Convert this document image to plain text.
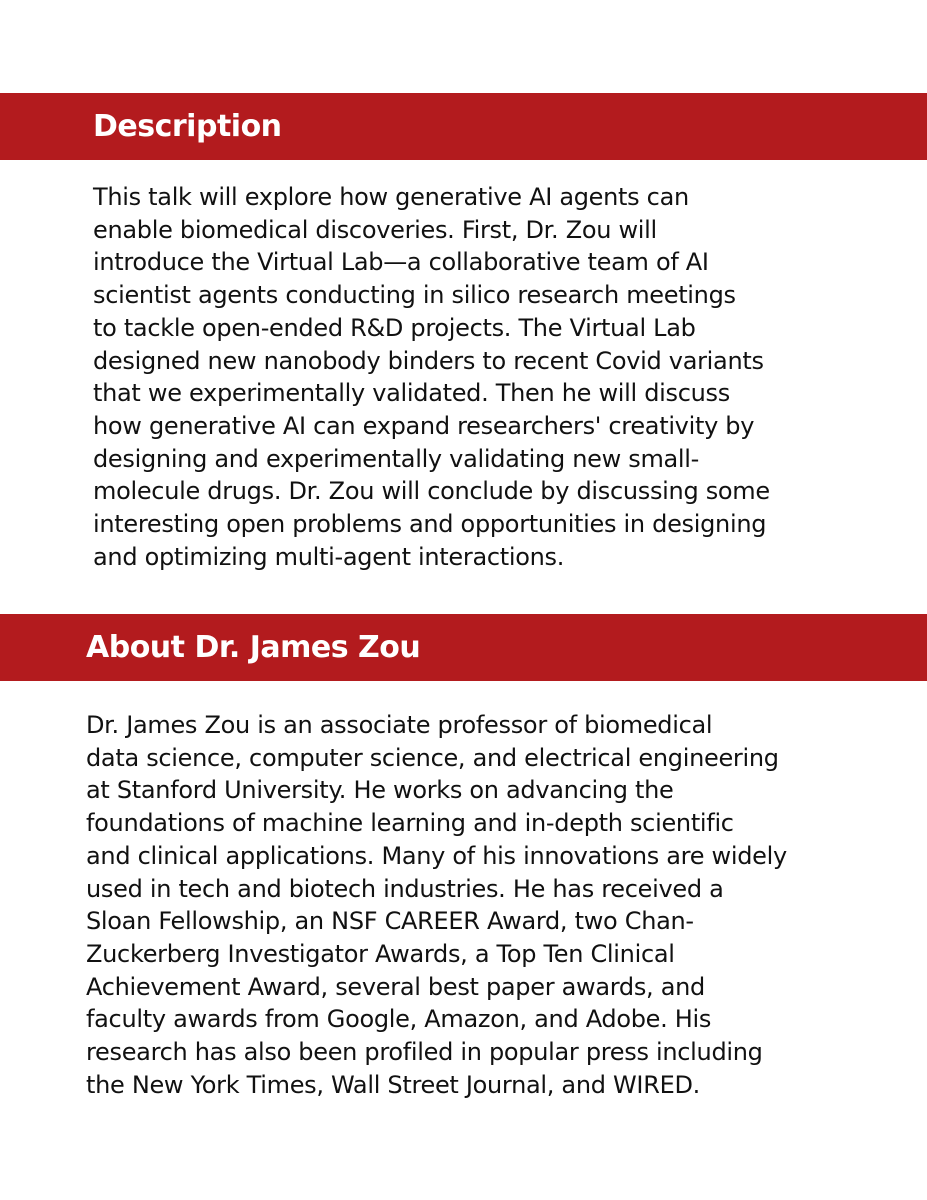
Description

This talk will explore how generative AI agents can
enable biomedical discoveries. First, Dr. Zou will
introduce the Virtual Lab—a collaborative team of AI
scientist agents conducting in silico research meetings
to tackle open-ended R&D projects. The Virtual Lab
designed new nanobody binders to recent Covid variants
that we experimentally validated. Then he will discuss
how generative AI can expand researchers' creativity by
designing and experimentally validating new small-
molecule drugs. Dr. Zou will conclude by discussing some
interesting open problems and opportunities in designing
and optimizing multi-agent interactions.

About Dr. James Zou

Dr. James Zou is an associate professor of biomedical
data science, computer science, and electrical engineering
at Stanford University. He works on advancing the
foundations of machine learning and in-depth scientific
and clinical applications. Many of his innovations are widely
used in tech and biotech industries. He has received a
Sloan Fellowship, an NSF CAREER Award, two Chan-
Zuckerberg Investigator Awards, a Top Ten Clinical
Achievement Award, several best paper awards, and
faculty awards from Google, Amazon, and Adobe. His
research has also been profiled in popular press including
the New York Times, Wall Street Journal, and WIRED.
